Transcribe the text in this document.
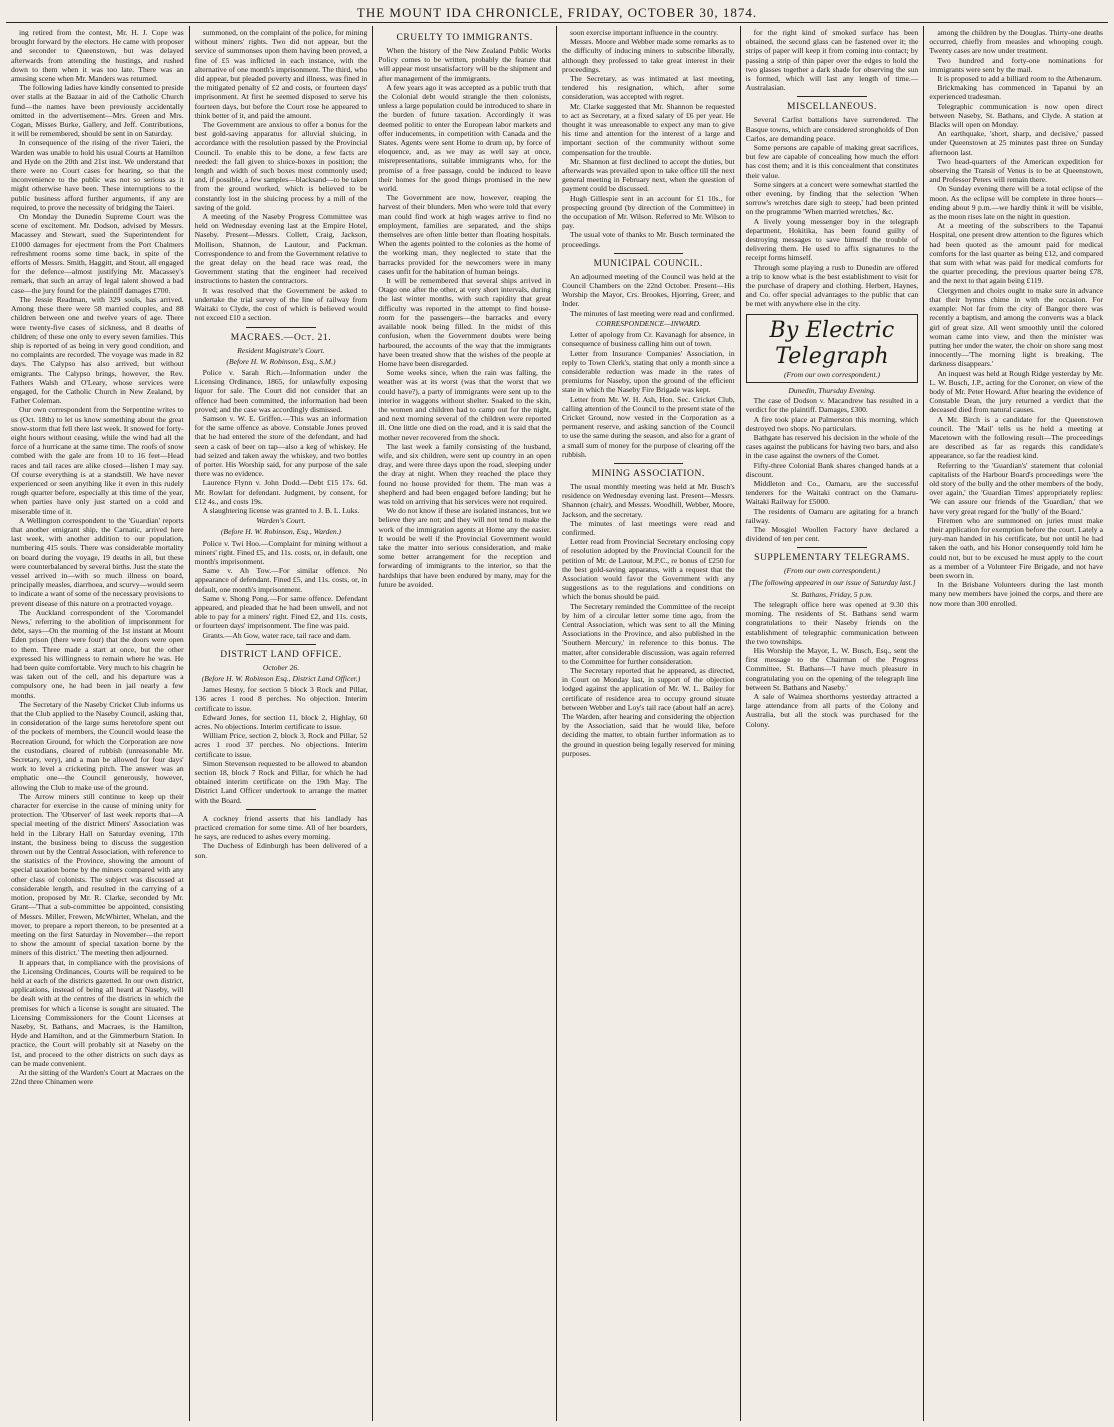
THE MOUNT IDA CHRONICLE, FRIDAY, OCTOBER 30, 1874.

ing retired from the contest, Mr. H. J. Cope was brought forward by the electors. He came with proposer and seconder to Queenstown, but was delayed afterwards from attending the hustings, and rushed down to them when it was too late. There was an amusing scene when Mr. Manders was returned.

The following ladies have kindly consented to preside over stalls at the Bazaar in aid of the Catholic Church fund—the names have been previously accidentally omitted in the advertisement—Mrs. Green and Mrs. Cogan, Misses Burke, Gallery, and Jeff. Contributions, it will be remembered, should be sent in on Saturday.

In consequence of the rising of the river Taieri, the Warden was unable to hold his usual Courts at Hamilton and Hyde on the 20th and 21st inst. We understand that there were no Court cases for hearing, so that the inconvenience to the public was not so serious as it might otherwise have been. These interruptions to the public business afford further arguments, if any are required, to prove the necessity of bridging the Taieri.

On Monday the Dunedin Supreme Court was the scene of excitement. Mr. Dodson, advised by Messrs. Macassey and Stewart, sued the Superintendent for £1000 damages for ejectment from the Port Chalmers refreshment rooms some time back, in spite of the efforts of Messrs. Smith, Haggitt, and Stout, all engaged for the defence—almost justifying Mr. Macassey's remark, that such an array of legal talent showed a bad case—the jury found for the plaintiff damages £700.

The Jessie Readman, with 329 souls, has arrived. Among these there were 58 married couples, and 88 children between one and twelve years of age. There were twenty-five cases of sickness, and 8 deaths of children; of these one only to every seven families. This ship is reported of as being in very good condition, and no complaints are recorded. The voyage was made in 82 days. The Calypso has also arrived, but without emigrants. The Calypso brings, however, the Rev. Fathers Walsh and O'Leary, whose services were engaged, for the Catholic Church in New Zealand, by Father Coleman.

Our own correspondent from the Serpentine writes to us (Oct. 18th) to let us know something about the great snow-storm that fell there last week. It snowed for forty-eight hours without ceasing, while the wind had all the force of a hurricane at the same time. The roofs of snow combed with the gale are from 10 to 16 feet—Head races and tail races are alike closed—lishen I may say. Of course everything is at a standstill. We have never experienced or seen anything like it even in this rudely rough quarter before, especially at this time of the year, when parties have only just started on a cold and miserable time of it.

A Wellington correspondent to the 'Guardian' reports that another emigrant ship, the Carnatic, arrived here last week, with another addition to our population, numbering 415 souls. There was considerable mortality on board during the voyage, 19 deaths in all, but these were counterbalanced by several births. Just the state the vessel arrived in—with so much illness on board, principally measles, diarrhoea, and scurvy—would seem to indicate a want of some of the necessary provisions to prevent disease of this nature on a protracted voyage.

The Auckland correspondent of the 'Coromandel News,' referring to the abolition of imprisonment for debt, says—On the morning of the 1st instant at Mount Eden prison (there were four) that the doors were open to them. Three made a start at once, but the other expressed his willingness to remain where he was. He had been quite comfortable. Very much to his chagrin he was taken out of the cell, and his departure was a compulsory one, he had been in jail nearly a few months.

The Secretary of the Naseby Cricket Club informs us that the Club applied to the Naseby Council, asking that, in consideration of the large sums heretofore spent out of the pockets of members, the Council would lease the Recreation Ground, for which the Corporation are now the custodians, cleared of rubbish (unreasonable Mr. Secretary, very), and a man be allowed for four days' work to level a cricketing pitch. The answer was an emphatic one—the Council generously, however, allowing the Club to make use of the ground.

The Arrow miners still continue to keep up their character for exercise in the cause of mining unity for protection. The 'Observer' of last week reports that—A special meeting of the district Miners' Association was held in the Library Hall on Saturday evening, 17th instant, the business being to discuss the suggestion thrown out by the Central Association, with reference to the statistics of the Province, showing the amount of special taxation borne by the miners compared with any other class of colonists. The subject was discussed at considerable length, and resulted in the carrying of a motion, proposed by Mr. R. Clarke, seconded by Mr. Grant—'That a sub-committee be appointed, consisting of Messrs. Miller, Frewen, McWhirter, Whelan, and the mover, to prepare a report thereon, to be presented at a meeting on the first Saturday in November—the report to show the amount of special taxation borne by the miners of this district.' The meeting then adjourned.

It appears that, in compliance with the provisions of the Licensing Ordinances, Courts will be required to be held at each of the districts gazetted. In our own district, applications, instead of being all heard at Naseby, will be dealt with at the centres of the districts in which the premises for which a license is sought are situated. The Licensing Commissioners for the Count Licenses at Naseby, St. Bathans, and Macraes, is the Hamilton, Hyde and Hamilton, and at the Gimmerburn Station. In practice, the Court will probably sit at Naseby on the 1st, and proceed to the other districts on such days as can be made convenient.

At the sitting of the Warden's Court at Macraes on the 22nd three Chinamen were

summoned, on the complaint of the police, for mining without miners' rights. Two did not appear, but the service of summonses upon them having been proved, a fine of £5 was inflicted in each instance, with the alternative of one month's imprisonment. The third, who did appear, but pleaded poverty and illness, was fined in the mitigated penalty of £2 and costs, or fourteen days' imprisonment. At first he seemed disposed to serve his fourteen days, but before the Court rose he appeared to think better of it, and paid the amount.

The Government are anxious to offer a bonus for the best gold-saving apparatus for alluvial sluicing, in accordance with the resolution passed by the Provincial Council. To enable this to be done, a few facts are needed: the fall given to sluice-boxes in position; the length and width of such boxes most commonly used; and, if possible, a few samples—blacksand—to be taken from the ground worked, which is believed to be constantly lost in the sluicing process by a mill of the saving of the gold.

A meeting of the Naseby Progress Committee was held on Wednesday evening last at the Empire Hotel, Naseby. Present—Messrs. Collett, Craig, Jackson, Mollison, Shannon, de Lautour, and Packman. Correspondence to and from the Government relative to the great delay on the head race was read, the Government stating that the engineer had received instructions to hasten the contractors.

It was resolved that the Government be asked to undertake the trial survey of the line of railway from Waitaki to Clyde, the cost of which is believed would not exceed £10 a section.

MACRAES.—Oct. 21.
Resident Magistrate's Court.
(Before H. W. Robinson, Esq., S.M.)

Police v. Sarah Rich.—Information under the Licensing Ordinance, 1865, for unlawfully exposing liquor for sale. The Court did not consider that an offence had been committed, the information had been proved; and the case was accordingly dismissed.

Samson v. W. E. Griffen.—This was an information for the same offence as above. Constable Jones proved that he had entered the store of the defendant, and had seen a cask of beer on tap—also a keg of whiskey. He had seized and taken away the whiskey, and two bottles of porter. His Worship said, for any purpose of the sale there was no evidence.

Laurence Flynn v. John Dodd.—Debt £15 17s. 6d. Mr. Rowlatt for defendant. Judgment, by consent, for £12 4s., and costs 19s.

A slaughtering license was granted to J. B. L. Luks.

Warden's Court.
(Before H. W. Robinson, Esq., Warden.)

Police v. Twi Hoo.—Complaint for mining without a miners' right. Fined £5, and 11s. costs, or, in default, one month's imprisonment.

Same v. Ah Tow.—For similar offence. No appearance of defendant. Fined £5, and 11s. costs, or, in default, one month's imprisonment.

Same v. Shong Pong.—For same offence. Defendant appeared, and pleaded that he had been unwell, and not able to pay for a miners' right. Fined £2, and 11s. costs, or fourteen days' imprisonment. The fine was paid.

Grants.—Ah Gow, water race, tail race and dam.

DISTRICT LAND OFFICE.
October 26.
(Before H. W. Robinson Esq., District Land Officer.)

James Hesny, for section 5 block 3 Rock and Pillar, 136 acres 1 rood 8 perches. No objection. Interim certificate to issue.

Edward Jones, for section 11, block 2, Highlay, 60 acres. No objections. Interim certificate to issue.

William Price, section 2, block 3, Rock and Pillar, 52 acres 1 rood 37 perches. No objections. Interim certificate to issue.

Simon Stevenson requested to be allowed to abandon section 18, block 7 Rock and Pillar, for which he had obtained interim certificate on the 19th May. The District Land Officer undertook to arrange the matter with the Board.

A cockney friend asserts that his landlady has practiced cremation for some time. All of her boarders, he says, are reduced to ashes every morning.

The Duchess of Edinburgh has been delivered of a son.

CRUELTY TO IMMIGRANTS.

When the history of the New Zealand Public Works Policy comes to be written, probably the feature that will appear most unsatisfactory will be the shipment and after management of the immigrants.

A few years ago it was accepted as a public truth that the Colonial debt would strangle the then colonists, unless a large population could be introduced to share in the burden of future taxation. Accordingly it was deemed politic to enter the European labor markets and offer inducements, in competition with Canada and the States. Agents were sent Home to drum up, by force of eloquence, and, as we may as well say at once, misrepresentations, suitable immigrants who, for the promise of a free passage, could be induced to leave their homes for the good things promised in the new world.

The Government are now, however, reaping the harvest of their blunders. Men who were told that every man could find work at high wages arrive to find no employment, families are separated, and the ships themselves are often little better than floating hospitals. When the agents pointed to the colonies as the home of the working man, they neglected to state that the barracks provided for the newcomers were in many cases unfit for the habitation of human beings.

It will be remembered that several ships arrived in Otago one after the other, at very short intervals, during the last winter months, with such rapidity that great difficulty was reported in the attempt to find house-room for the passengers—the barracks and every available nook being filled. In the midst of this confusion, when the Government doubts were being harboured, the accounts of the way that the immigrants have been treated show that the wishes of the people at Home have been disregarded.

Some weeks since, when the rain was falling, the weather was at its worst (was that the worst that we could have?), a party of immigrants were sent up to the interior in waggons without shelter. Soaked to the skin, the women and children had to camp out for the night, and next morning several of the children were reported ill. One little one died on the road, and it is said that the mother never recovered from the shock.

The last week a family consisting of the husband, wife, and six children, were sent up country in an open dray, and were three days upon the road, sleeping under the dray at night. When they reached the place they found no house provided for them. The man was a shepherd and had been engaged before landing; but he was told on arriving that his services were not required.

We do not know if these are isolated instances, but we believe they are not; and they will not tend to make the work of the immigration agents at Home any the easier. It would be well if the Provincial Government would take the matter into serious consideration, and make some better arrangement for the reception and forwarding of immigrants to the interior, so that the hardships that have been endured by many, may for the future be avoided.

soon exercise important influence in the country.

Messrs. Moore and Webber made some remarks as to the difficulty of inducing miners to subscribe liberally, although they professed to take great interest in their proceedings.

The Secretary, as was intimated at last meeting, tendered his resignation, which, after some consideration, was accepted with regret.

Mr. Clarke suggested that Mr. Shannon be requested to act as Secretary, at a fixed salary of £6 per year. He thought it was unreasonable to expect any man to give his time and attention for the interest of a large and important section of the community without some compensation for the trouble.

Mr. Shannon at first declined to accept the duties, but afterwards was prevailed upon to take office till the next general meeting in February next, when the question of payment could be discussed.

Hugh Gillespie sent in an account for £1 10s., for prospecting ground (by direction of the Committee) in the occupation of Mr. Wilson. Referred to Mr. Wilson to pay.

The usual vote of thanks to Mr. Busch terminated the proceedings.

MUNICIPAL COUNCIL.

An adjourned meeting of the Council was held at the Council Chambers on the 22nd October. Present—His Worship the Mayor, Crs. Brookes, Hjorring, Greer, and Inder.

The minutes of last meeting were read and confirmed.

CORRESPONDENCE—INWARD.

Letter of apology from Cr. Kavanagh for absence, in consequence of business calling him out of town.

Letter from Insurance Companies' Association, in reply to Town Clerk's, stating that only a month since a considerable reduction was made in the rates of premiums for Naseby, upon the ground of the efficient state in which the Naseby Fire Brigade was kept.

Letter from Mr. W. H. Ash, Hon. Sec. Cricket Club, calling attention of the Council to the present state of the Cricket Ground, now vested in the Corporation as a permanent reserve, and asking sanction of the Council to use the same during the season, and also for a grant of a small sum of money for the purpose of clearing off the rubbish.

MINING ASSOCIATION.

The usual monthly meeting was held at Mr. Busch's residence on Wednesday evening last. Present—Messrs. Shannon (chair), and Messrs. Woodhill, Webber, Moore, Jackson, and the secretary.

The minutes of last meetings were read and confirmed.

Letter read from Provincial Secretary enclosing copy of resolution adopted by the Provincial Council for the petition of Mr. de Lautour, M.P.C., re bonus of £250 for the best gold-saving apparatus, with a request that the Association would favor the Government with any suggestions as to the regulations and conditions on which the bonus should be paid.

The Secretary reminded the Committee of the receipt by him of a circular letter some time ago, from the Central Association, which was sent to all the Mining Associations in the Province, and also published in the 'Southern Mercury,' in reference to this bonus. The matter, after considerable discussion, was again referred to the Committee for further consideration.

The Secretary reported that he appeared, as directed, in Court on Monday last, in support of the objection lodged against the application of Mr. W. L. Bailey for certificate of residence area to occupy ground situate between Webber and Loy's tail race (about half an acre). The Warden, after hearing and considering the objection by the Association, said that he would like, before deciding the matter, to obtain further information as to the ground in question being legally reserved for mining purposes.

for the right kind of smoked surface has been obtained, the second glass can be fastened over it; the strips of paper will keep it from coming into contact; by passing a strip of thin paper over the edges to hold the two glasses together a dark shade for observing the sun is formed, which will last any length of time.—Australasian.

MISCELLANEOUS.

Several Carlist battalions have surrendered. The Basque towns, which are considered strongholds of Don Carlos, are demanding peace.

Some persons are capable of making great sacrifices, but few are capable of concealing how much the effort has cost them; and it is this concealment that constitutes their value.

Some singers at a concert were somewhat startled the other evening, by finding that the selection 'When sorrow's wretches dare sigh to steep,' had been printed on the programme 'When married wretches,' &c.

A lively young messenger boy in the telegraph department, Hokitika, has been found guilty of destroying messages to save himself the trouble of delivering them. He used to affix signatures to the receipt forms himself.

Through some playing a rush to Dunedin are offered a trip to know what is the best establishment to visit for the purchase of drapery and clothing. Herbert, Haynes, and Co. offer special advantages to the public that can be met with anywhere else in the city.

By Electric Telegraph
(From our own correspondent.)
Dunedin, Thursday Evening.

The case of Dodson v. Macandrew has resulted in a verdict for the plaintiff. Damages, £300.

A fire took place at Palmerston this morning, which destroyed two shops. No particulars.

Bathgate has reserved his decision in the whole of the cases against the publicans for having two bars, and also in the case against the owners of the Comet.

Fifty-three Colonial Bank shares changed hands at a discount.

Middleton and Co., Oamaru, are the successful tenderers for the Waitaki contract on the Oamaru-Waitaki Railway for £5000.

The residents of Oamaru are agitating for a branch railway.

The Mosgiel Woollen Factory have declared a dividend of ten per cent.

SUPPLEMENTARY TELEGRAMS.
(From our own correspondent.)
[The following appeared in our issue of Saturday last.]
St. Bathans, Friday, 5 p.m.

The telegraph office here was opened at 9.30 this morning. The residents of St. Bathans send warm congratulations to their Naseby friends on the establishment of telegraphic communication between the two townships.

His Worship the Mayor, L. W. Busch, Esq., sent the first message to the Chairman of the Progress Committee, St. Bathans—'I have much pleasure in congratulating you on the opening of the telegraph line between St. Bathans and Naseby.'

A sale of Waimea shorthorns yesterday attracted a large attendance from all parts of the Colony and Australia, but all the stock was purchased for the Colony.

among the children by the Douglas. Thirty-one deaths occurred, chiefly from measles and whooping cough. Twenty cases are now under treatment.

Two hundred and forty-one nominations for immigrants were sent by the mail.

It is proposed to add a billiard room to the Athenæum.

Brickmaking has commenced in Tapanui by an experienced tradesman.

Telegraphic communication is now open direct between Naseby, St. Bathans, and Clyde. A station at Blacks will open on Monday.

An earthquake, 'short, sharp, and decisive,' passed under Queenstown at 25 minutes past three on Sunday afternoon last.

Two head-quarters of the American expedition for observing the Transit of Venus is to be at Queenstown, and Professor Peters will remain there.

On Sunday evening there will be a total eclipse of the moon. As the eclipse will be complete in three hours—ending about 9 p.m.—we hardly think it will be visible, as the moon rises late on the night in question.

At a meeting of the subscribers to the Tapanui Hospital, one present drew attention to the figures which had been quoted as the amount paid for medical comforts for the last quarter as being £12, and compared that sum with what was paid for medical comforts for the quarter preceding, the previous quarter being £78, and the next to that again being £119.

Clergymen and choirs ought to make sure in advance that their hymns chime in with the occasion. For example: Not far from the city of Bangor there was recently a baptism, and among the converts was a black girl of great size. All went smoothly until the colored woman came into view, and then the minister was putting her under the water, the choir on shore sang most innocently—'The morning light is breaking, The darkness disappears.'

An inquest was held at Rough Ridge yesterday by Mr. L. W. Busch, J.P., acting for the Coroner, on view of the body of Mr. Peter Howard. After hearing the evidence of Constable Dean, the jury returned a verdict that the deceased died from natural causes.

A Mr. Birch is a candidate for the Queenstown council. The 'Mail' tells us he held a meeting at Macetown with the following result—The proceedings are described as far as regards this candidate's appearance, so far the readiest kind.

Referring to the 'Guardian's' statement that colonial capitalists of the Harbour Board's proceedings were 'the old story of the bully and the other members of the body, over again,' the 'Guardian Times' appropriately replies: 'We can assure our friends of the 'Guardian,' that we have very great regard for the 'bully' of the Board.'

Firemen who are summoned on juries must make their application for exemption before the court. Lately a jury-man handed in his certificate, but not until he had taken the oath, and his Honor consequently told him he could not, but to be excused he must apply to the court as a member of a Volunteer Fire Brigade, and not have been sworn in.

In the Brisbane Volunteers during the last month many new members have joined the corps, and there are now more than 300 enrolled.
